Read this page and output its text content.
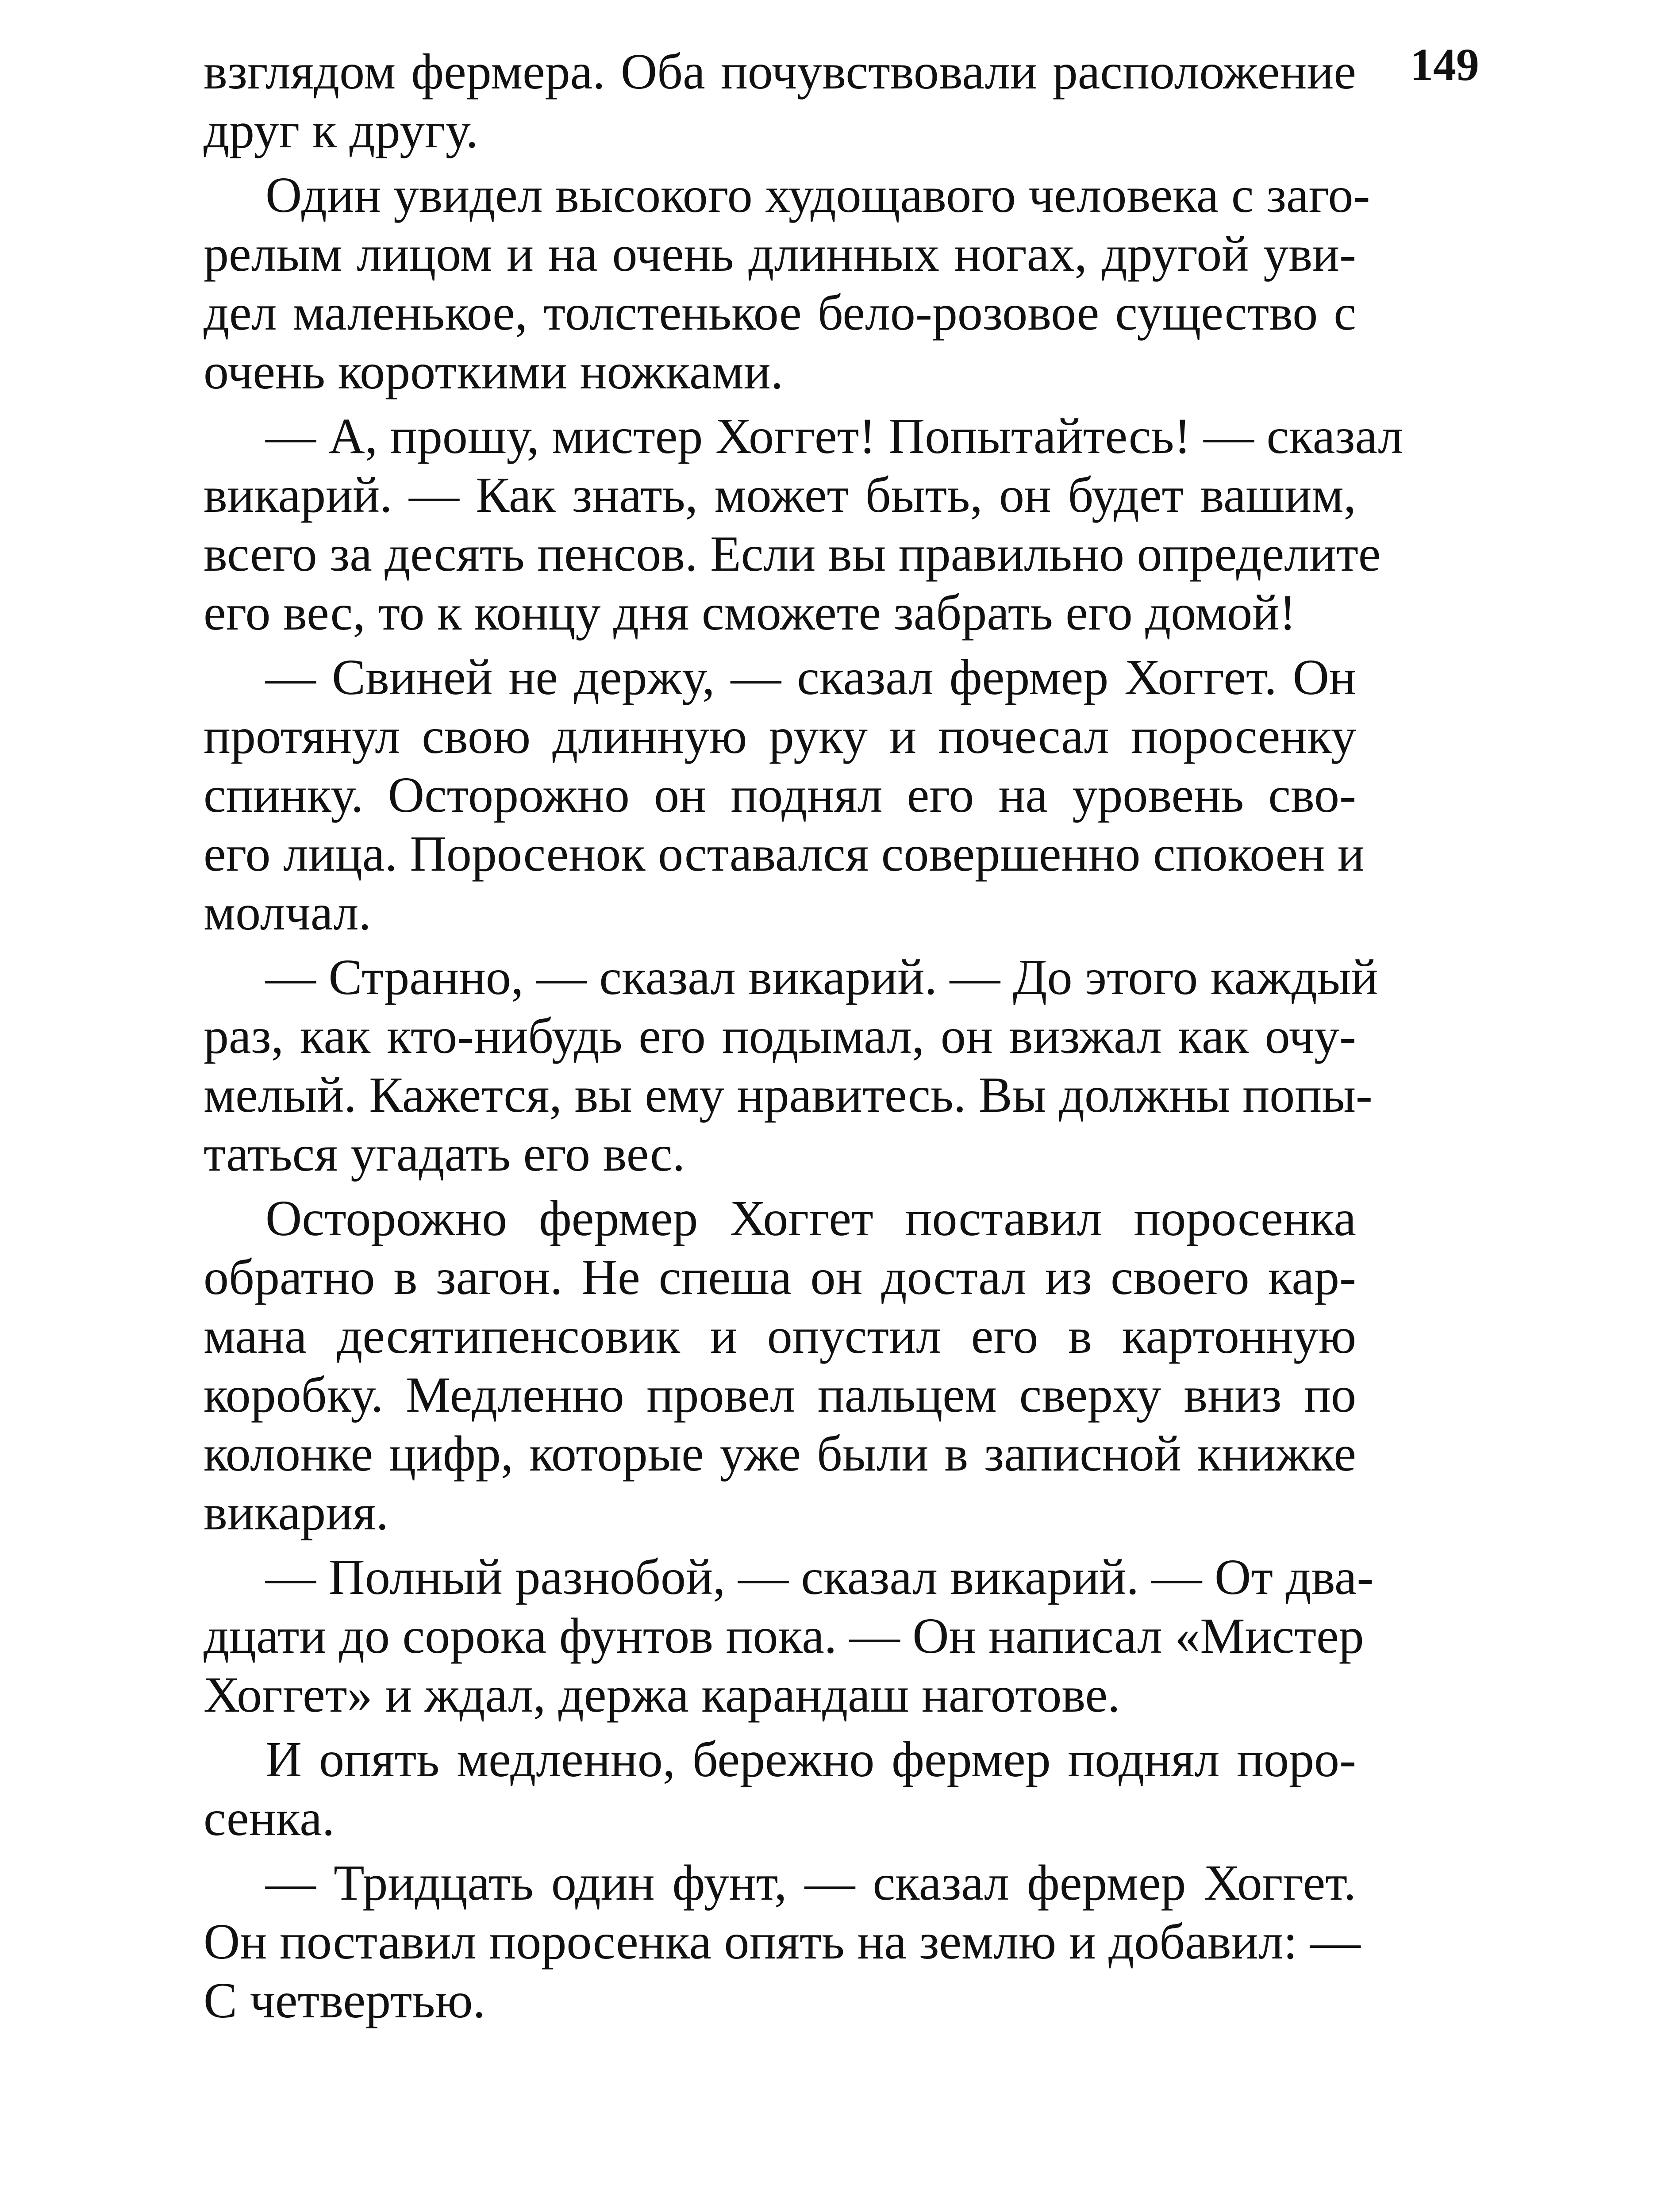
149
взглядом фермера. Оба почувствовали расположение
друг к другу.
Один увидел высокого худощавого человека с заго-
релым лицом и на очень длинных ногах, другой уви-
дел маленькое, толстенькое бело-розовое существо с
очень короткими ножками.
— А, прошу, мистер Хоггет! Попытайтесь! — сказал
викарий. — Как знать, может быть, он будет вашим,
всего за десять пенсов. Если вы правильно определите
его вес, то к концу дня сможете забрать его домой!
— Свиней не держу, — сказал фермер Хоггет. Он
протянул свою длинную руку и почесал поросенку
спинку. Осторожно он поднял его на уровень сво-
его лица. Поросенок оставался совершенно спокоен и
молчал.
— Странно, — сказал викарий. — До этого каждый
раз, как кто-нибудь его подымал, он визжал как очу-
мелый. Кажется, вы ему нравитесь. Вы должны попы-
таться угадать его вес.
Осторожно фермер Хоггет поставил поросенка
обратно в загон. Не спеша он достал из своего кар-
мана десятипенсовик и опустил его в картонную
коробку. Медленно провел пальцем сверху вниз по
колонке цифр, которые уже были в записной книжке
викария.
— Полный разнобой, — сказал викарий. — От два-
дцати до сорока фунтов пока. — Он написал «Мистер
Хоггет» и ждал, держа карандаш наготове.
И опять медленно, бережно фермер поднял поро-
сенка.
— Тридцать один фунт, — сказал фермер Хоггет.
Он поставил поросенка опять на землю и добавил: —
С четвертью.
